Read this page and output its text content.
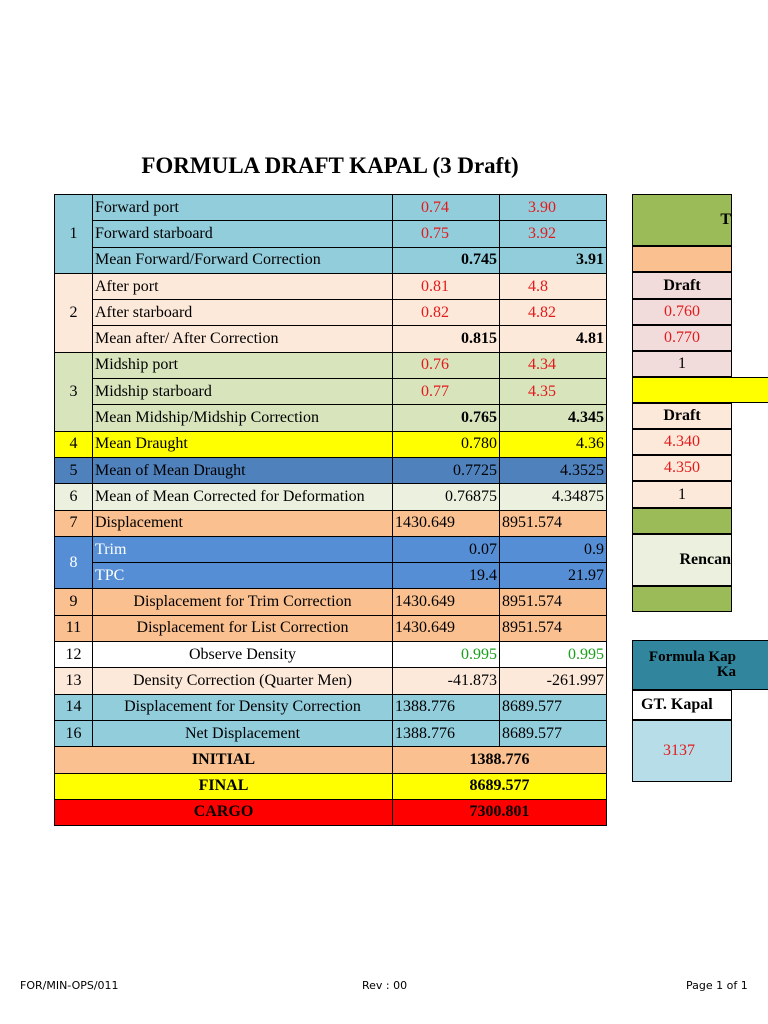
FORMULA DRAFT KAPAL (3 Draft)
1	Forward port	0.74	3.90
	Forward starboard	0.75	3.92
	Mean Forward/Forward Correction	0.745	3.91
2	After port	0.81	4.8
	After starboard	0.82	4.82
	Mean after/ After Correction	0.815	4.81
3	Midship port	0.76	4.34
	Midship starboard	0.77	4.35
	Mean Midship/Midship Correction	0.765	4.345
4	Mean Draught	0.780	4.36
5	Mean of Mean Draught	0.7725	4.3525
6	Mean of Mean Corrected for Deformation	0.76875	4.34875
7	Displacement	1430.649	8951.574
8	Trim	0.07	0.9
	TPC	19.4	21.97
9	Displacement for Trim Correction	1430.649	8951.574
11	Displacement for List Correction	1430.649	8951.574
12	Observe Density	0.995	0.995
13	Density Correction (Quarter Men)	-41.873	-261.997
14	Displacement for Density Correction	1388.776	8689.577
16	Net Displacement	1388.776	8689.577
INITIAL		1388.776	
FINAL		8689.577	
CARGO		7300.801	
T
Draft
0.760
0.770
1
Draft
4.340
4.350
1
Rencan
Formula Kap
Ka
GT. Kapal
3137
FOR/MIN-OPS/011	Rev : 00	Page 1 of 1
